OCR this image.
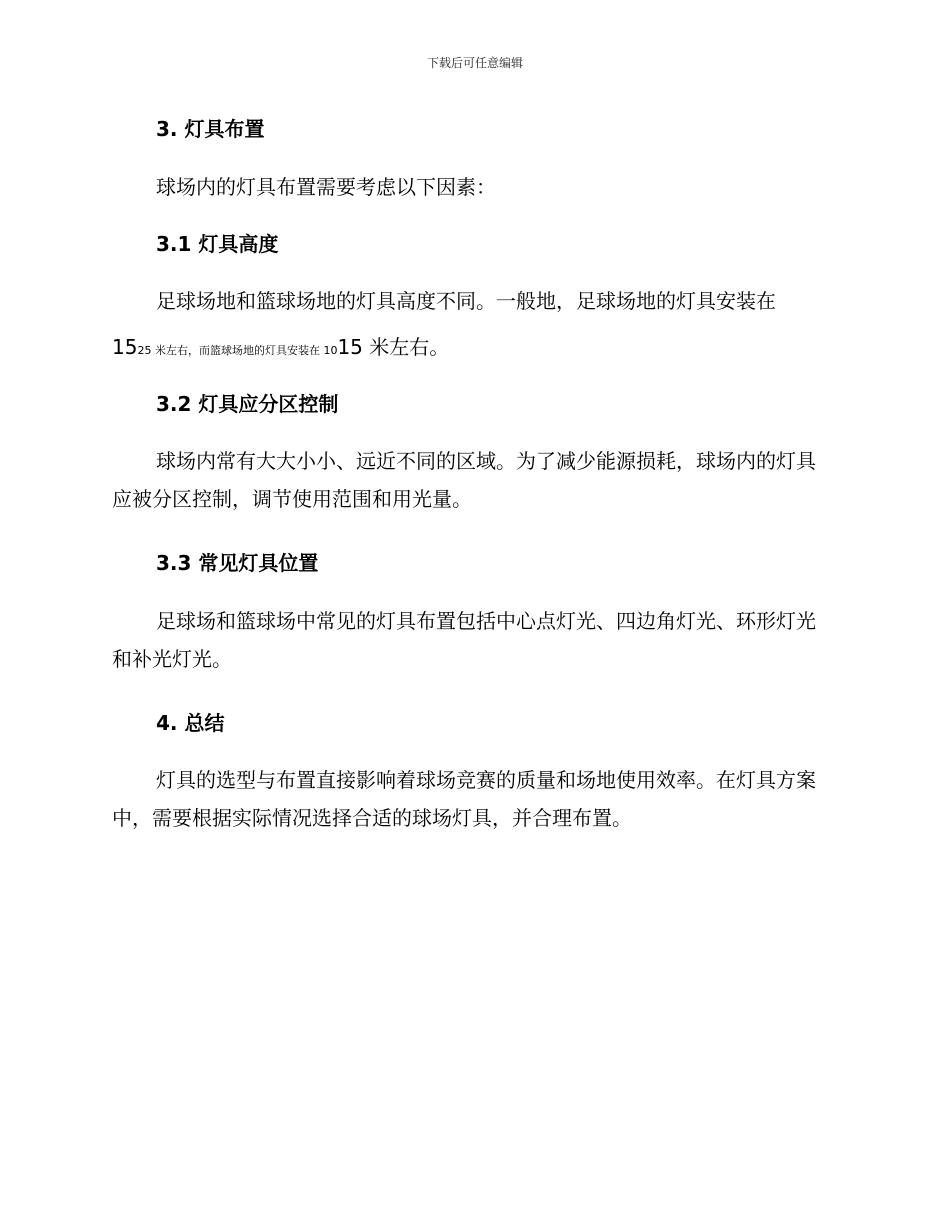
下载后可任意编辑
3. 灯具布置
球场内的灯具布置需要考虑以下因素：
3.1 灯具高度
足球场地和篮球场地的灯具高度不同。一般地，足球场地的灯具安装在
1525 米左右，而篮球场地的灯具安装在 1015 米左右。
3.2 灯具应分区控制
球场内常有大大小小、远近不同的区域。为了减少能源损耗，球场内的灯具应被分区控制，调节使用范围和用光量。
3.3 常见灯具位置
足球场和篮球场中常见的灯具布置包括中心点灯光、四边角灯光、环形灯光和补光灯光。
4. 总结
灯具的选型与布置直接影响着球场竞赛的质量和场地使用效率。在灯具方案中，需要根据实际情况选择合适的球场灯具，并合理布置。
